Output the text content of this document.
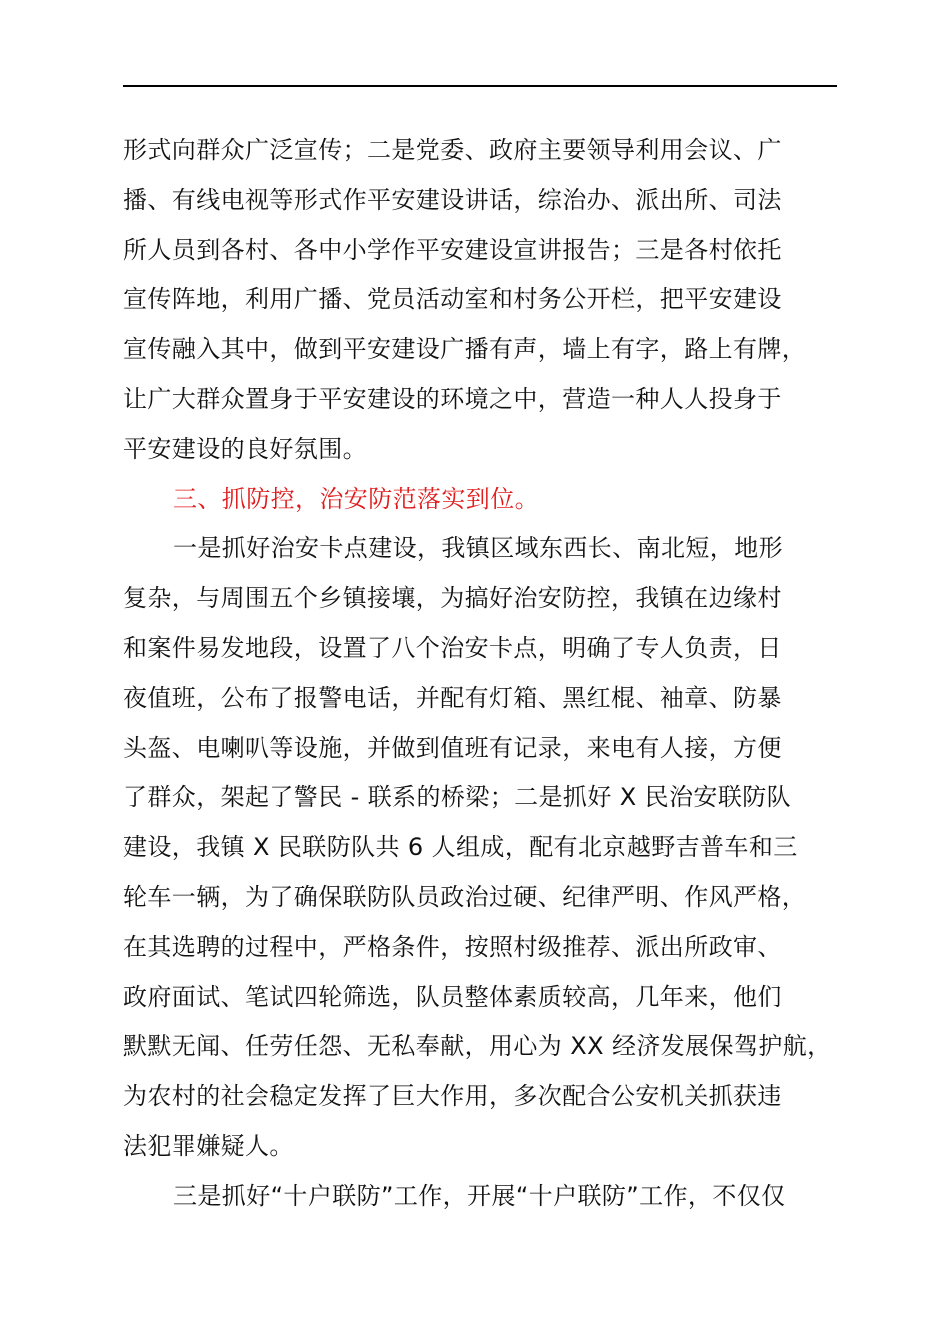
形式向群众广泛宣传；二是党委、政府主要领导利用会议、广
播、有线电视等形式作平安建设讲话，综治办、派出所、司法
所人员到各村、各中小学作平安建设宣讲报告；三是各村依托
宣传阵地，利用广播、党员活动室和村务公开栏，把平安建设
宣传融入其中，做到平安建设广播有声，墙上有字，路上有牌，
让广大群众置身于平安建设的环境之中，营造一种人人投身于
平安建设的良好氛围。
三、抓防控，治安防范落实到位。
一是抓好治安卡点建设，我镇区域东西长、南北短，地形
复杂，与周围五个乡镇接壤，为搞好治安防控，我镇在边缘村
和案件易发地段，设置了八个治安卡点，明确了专人负责，日
夜值班，公布了报警电话，并配有灯箱、黑红棍、袖章、防暴
头盔、电喇叭等设施，并做到值班有记录，来电有人接，方便
了群众，架起了警民 - 联系的桥梁；二是抓好 X 民治安联防队
建设，我镇 X 民联防队共 6 人组成，配有北京越野吉普车和三
轮车一辆，为了确保联防队员政治过硬、纪律严明、作风严格，
在其选聘的过程中，严格条件，按照村级推荐、派出所政审、
政府面试、笔试四轮筛选，队员整体素质较高，几年来，他们
默默无闻、任劳任怨、无私奉献，用心为 XX 经济发展保驾护航，
为农村的社会稳定发挥了巨大作用，多次配合公安机关抓获违
法犯罪嫌疑人。
三是抓好“十户联防”工作，开展“十户联防”工作，不仅仅
